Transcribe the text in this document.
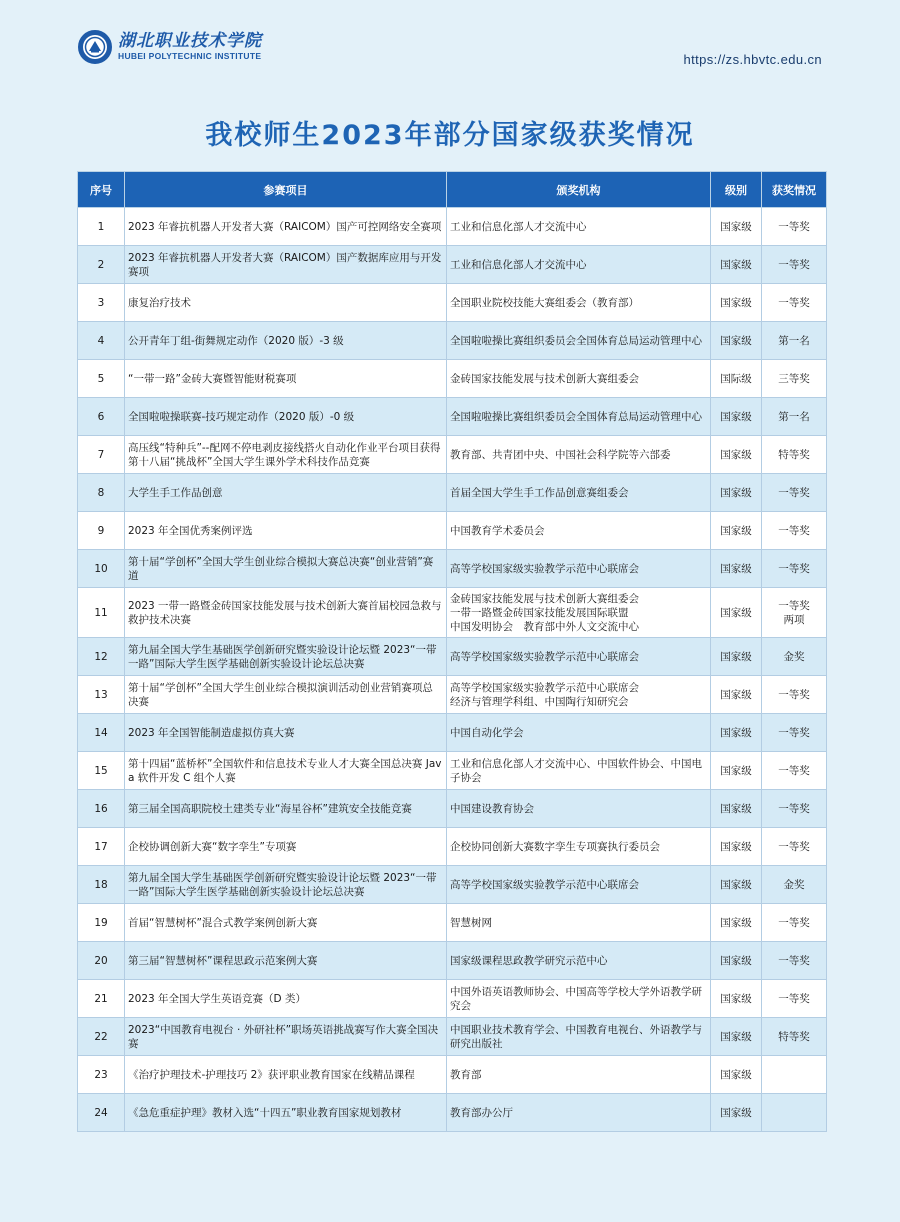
湖北职业技术学院
HUBEI POLYTECHNIC INSTITUTE	https://zs.hbvtc.edu.cn
我校师生2023年部分国家级获奖情况
序号	参赛项目	颁奖机构	级别	获奖情况
1	2023 年睿抗机器人开发者大赛（RAICOM）国产可控网络安全赛项	工业和信息化部人才交流中心	国家级	一等奖
2	2023 年睿抗机器人开发者大赛（RAICOM）国产数据库应用与开发赛项	工业和信息化部人才交流中心	国家级	一等奖
3	康复治疗技术	全国职业院校技能大赛组委会（教育部）	国家级	一等奖
4	公开青年丁组-街舞规定动作（2020 版）-3 级	全国啦啦操比赛组织委员会全国体育总局运动管理中心	国家级	第一名
5	“一带一路”金砖大赛暨智能财税赛项	金砖国家技能发展与技术创新大赛组委会	国际级	三等奖
6	全国啦啦操联赛-技巧规定动作（2020 版）-0 级	全国啦啦操比赛组织委员会全国体育总局运动管理中心	国家级	第一名
7	高压线“特种兵”--配网不停电剥皮接线搭火自动化作业平台项目获得第十八届“挑战杯”全国大学生课外学术科技作品竞赛	教育部、共青团中央、中国社会科学院等六部委	国家级	特等奖
8	大学生手工作品创意	首届全国大学生手工作品创意赛组委会	国家级	一等奖
9	2023 年全国优秀案例评选	中国教育学术委员会	国家级	一等奖
10	第十届“学创杯”全国大学生创业综合模拟大赛总决赛“创业营销”赛道	高等学校国家级实验教学示范中心联席会	国家级	一等奖
11	2023 一带一路暨金砖国家技能发展与技术创新大赛首届校园急救与救护技术决赛	金砖国家技能发展与技术创新大赛组委会
一带一路暨金砖国家技能发展国际联盟
中国发明协会　教育部中外人文交流中心	国家级	一等奖
两项
12	第九届全国大学生基础医学创新研究暨实验设计论坛暨 2023“一带一路”国际大学生医学基础创新实验设计论坛总决赛	高等学校国家级实验教学示范中心联席会	国家级	金奖
13	第十届“学创杯”全国大学生创业综合模拟演训活动创业营销赛项总决赛	高等学校国家级实验教学示范中心联席会
经济与管理学科组、中国陶行知研究会	国家级	一等奖
14	2023 年全国智能制造虚拟仿真大赛	中国自动化学会	国家级	一等奖
15	第十四届“蓝桥杯”全国软件和信息技术专业人才大赛全国总决赛 Java 软件开发 C 组个人赛	工业和信息化部人才交流中心、中国软件协会、中国电子协会	国家级	一等奖
16	第三届全国高职院校土建类专业“海星谷杯”建筑安全技能竞赛	中国建设教育协会	国家级	一等奖
17	企校协调创新大赛“数字孪生”专项赛	企校协同创新大赛数字孪生专项赛执行委员会	国家级	一等奖
18	第九届全国大学生基础医学创新研究暨实验设计论坛暨 2023“一带一路”国际大学生医学基础创新实验设计论坛总决赛	高等学校国家级实验教学示范中心联席会	国家级	金奖
19	首届“智慧树杯”混合式教学案例创新大赛	智慧树网	国家级	一等奖
20	第三届“智慧树杯”课程思政示范案例大赛	国家级课程思政教学研究示范中心	国家级	一等奖
21	2023 年全国大学生英语竞赛（D 类）	中国外语英语教师协会、中国高等学校大学外语教学研究会	国家级	一等奖
22	2023“中国教育电视台 · 外研社杯”职场英语挑战赛写作大赛全国决赛	中国职业技术教育学会、中国教育电视台、外语教学与研究出版社	国家级	特等奖
23	《治疗护理技术-护理技巧 2》获评职业教育国家在线精品课程	教育部	国家级	
24	《急危重症护理》教材入选“十四五”职业教育国家规划教材	教育部办公厅	国家级	
